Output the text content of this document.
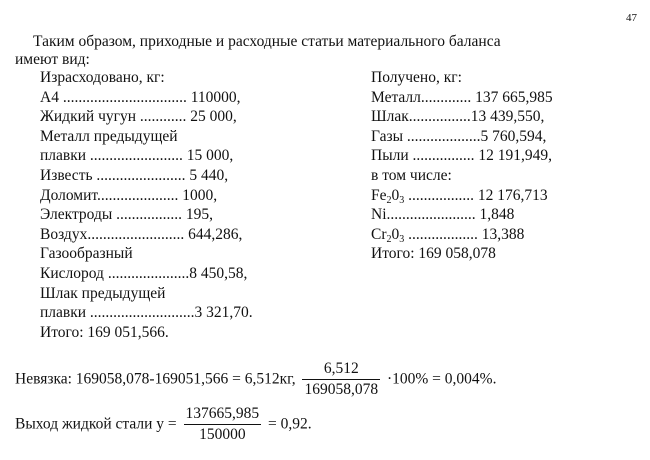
47
Таким образом, приходные и расходные статьи материального баланса
имеют вид:
Израсходовано, кг:
А4 ................................ 110000,
Жидкий чугун ............ 25 000,
Металл предыдущей
плавки ........................ 15 000,
Известь ....................... 5 440,
Доломит..................... 1000,
Электроды ................. 195,
Воздух......................... 644,286,
Газообразный
Кислород .....................8 450,58,
Шлак предыдущей
плавки ...........................3 321,70.
Итого: 169 051,566.
Получено, кг:
Металл............. 137 665,985
Шлак................13 439,550,
Газы ...................5 760,594,
Пыли ................ 12 191,949,
в том числе:
$Fe_20_3$ ................. 12 176,713
Ni....................... 1,848
$Cr_20_3$ .................. 13,388
Итого: 169 058,078
Невязка: 169058,078-169051,566 = 6,512кг, $\frac{6,512}{169058,078} \cdot 100\% = 0,004\%$.
Выход жидкой стали $y = \frac{137665,985}{150000} = 0,92$.
